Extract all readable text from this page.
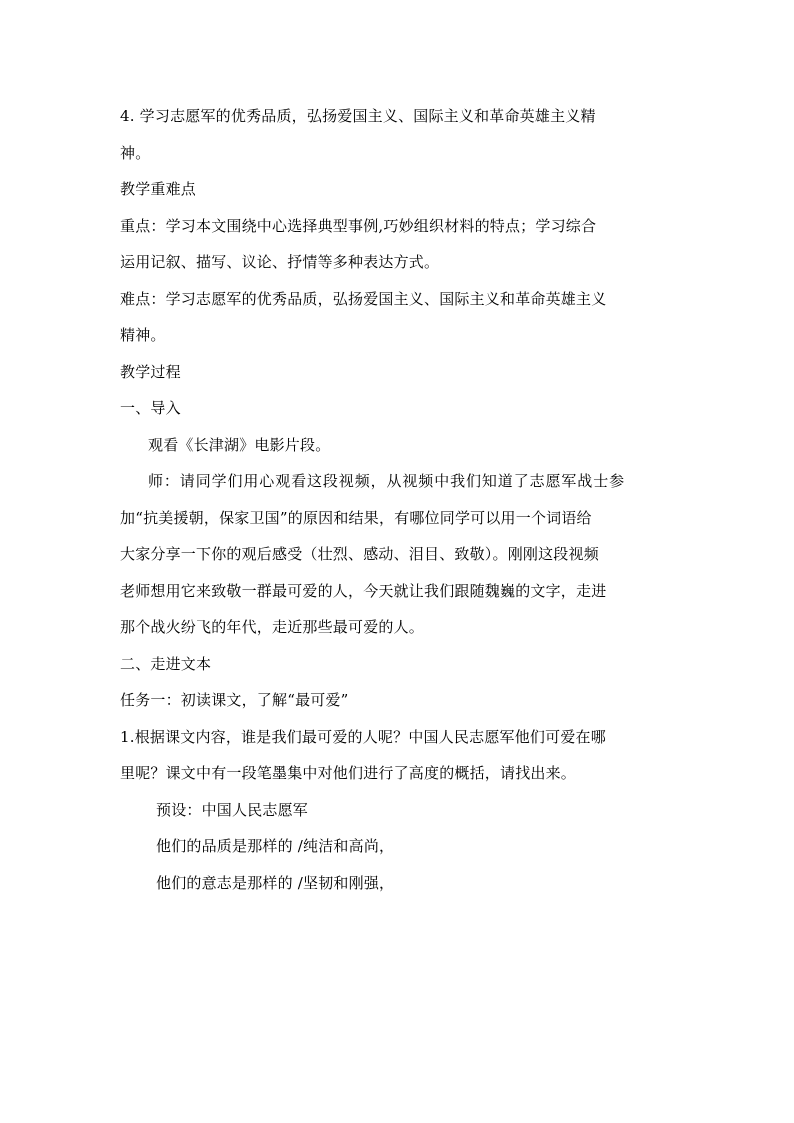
4. 学习志愿军的优秀品质，弘扬爱国主义、国际主义和革命英雄主义精
神。
教学重难点
重点：学习本文围绕中心选择典型事例,巧妙组织材料的特点；学习综合
运用记叙、描写、议论、抒情等多种表达方式。
难点：学习志愿军的优秀品质，弘扬爱国主义、国际主义和革命英雄主义
精神。
教学过程
一、导入
观看《长津湖》电影片段。
师：请同学们用心观看这段视频，从视频中我们知道了志愿军战士参
加“抗美援朝，保家卫国”的原因和结果，有哪位同学可以用一个词语给
大家分享一下你的观后感受（壮烈、感动、泪目、致敬）。刚刚这段视频
老师想用它来致敬一群最可爱的人，今天就让我们跟随魏巍的文字，走进
那个战火纷飞的年代，走近那些最可爱的人。
二、走进文本
任务一：初读课文，了解“最可爱”
1.根据课文内容，谁是我们最可爱的人呢？中国人民志愿军他们可爱在哪
里呢？课文中有一段笔墨集中对他们进行了高度的概括，请找出来。
预设：中国人民志愿军
他们的品质是那样的 /纯洁和高尚，
他们的意志是那样的 /坚韧和刚强，
